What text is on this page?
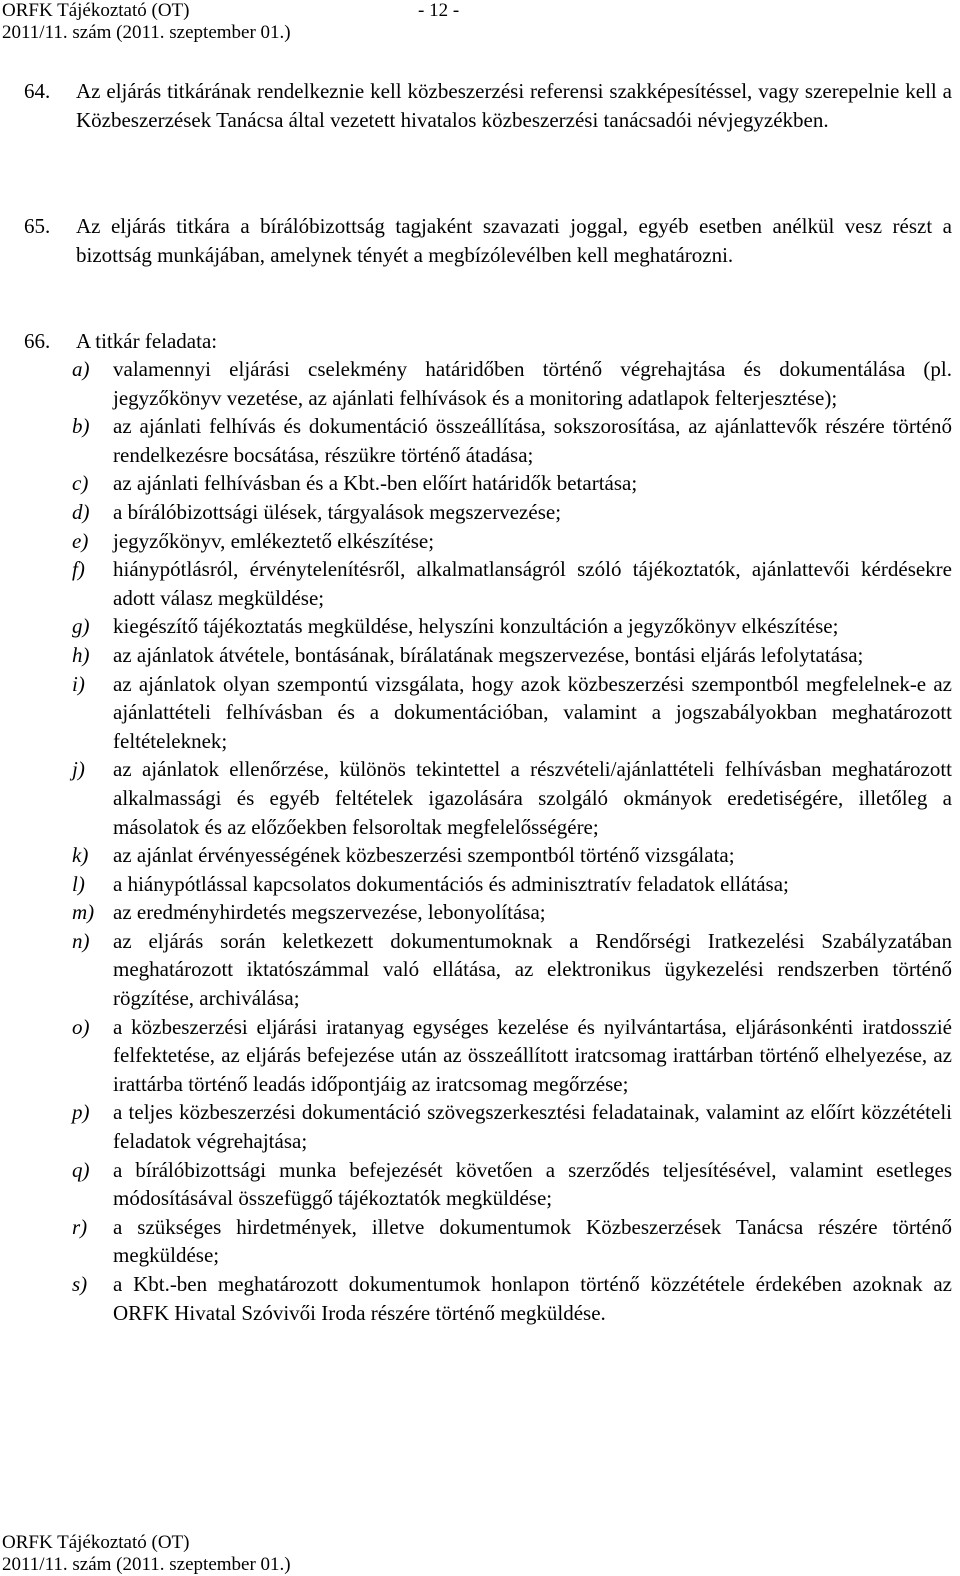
ORFK Tájékoztató (OT)	- 12 -
2011/11. szám (2011. szeptember 01.)
64. Az eljárás titkárának rendelkeznie kell közbeszerzési referensi szakképesítéssel, vagy szerepelnie kell a Közbeszerzések Tanácsa által vezetett hivatalos közbeszerzési tanácsadói névjegyzékben.
65. Az eljárás titkára a bírálóbizottság tagjaként szavazati joggal, egyéb esetben anélkül vesz részt a bizottság munkájában, amelynek tényét a megbízólevélben kell meghatározni.
66. A titkár feladata:
a) valamennyi eljárási cselekmény határidőben történő végrehajtása és dokumentálása (pl. jegyzőkönyv vezetése, az ajánlati felhívások és a monitoring adatlapok felterjesztése);
b) az ajánlati felhívás és dokumentáció összeállítása, sokszorosítása, az ajánlattevők részére történő rendelkezésre bocsátása, részükre történő átadása;
c) az ajánlati felhívásban és a Kbt.-ben előírt határidők betartása;
d) a bírálóbizottsági ülések, tárgyalások megszervezése;
e) jegyzőkönyv, emlékeztető elkészítése;
f) hiánypótlásról, érvénytelenítésről, alkalmatlanságról szóló tájékoztatók, ajánlattevői kérdésekre adott válasz megküldése;
g) kiegészítő tájékoztatás megküldése, helyszíni konzultáción a jegyzőkönyv elkészítése;
h) az ajánlatok átvétele, bontásának, bírálatának megszervezése, bontási eljárás lefolytatása;
i) az ajánlatok olyan szempontú vizsgálata, hogy azok közbeszerzési szempontból megfelelnek-e az ajánlattételi felhívásban és a dokumentációban, valamint a jogszabályokban meghatározott feltételeknek;
j) az ajánlatok ellenőrzése, különös tekintettel a részvételi/ajánlattételi felhívásban meghatározott alkalmassági és egyéb feltételek igazolására szolgáló okmányok eredetiségére, illetőleg a másolatok és az előzőekben felsoroltak megfelelősségére;
k) az ajánlat érvényességének közbeszerzési szempontból történő vizsgálata;
l) a hiánypótlással kapcsolatos dokumentációs és adminisztratív feladatok ellátása;
m) az eredményhirdetés megszervezése, lebonyolítása;
n) az eljárás során keletkezett dokumentumoknak a Rendőrségi Iratkezelési Szabályzatában meghatározott iktatószámmal való ellátása, az elektronikus ügykezelési rendszerben történő rögzítése, archiválása;
o) a közbeszerzési eljárási iratanyag egységes kezelése és nyilvántartása, eljárásonkénti iratdosszié felfektetése, az eljárás befejezése után az összeállított iratcsomag irattárban történő elhelyezése, az irattárba történő leadás időpontjáig az iratcsomag megőrzése;
p) a teljes közbeszerzési dokumentáció szövegszerkesztési feladatainak, valamint az előírt közzétételi feladatok végrehajtása;
q) a bírálóbizottsági munka befejezését követően a szerződés teljesítésével, valamint esetleges módosításával összefüggő tájékoztatók megküldése;
r) a szükséges hirdetmények, illetve dokumentumok Közbeszerzések Tanácsa részére történő megküldése;
s) a Kbt.-ben meghatározott dokumentumok honlapon történő közzététele érdekében azoknak az ORFK Hivatal Szóvivői Iroda részére történő megküldése.
ORFK Tájékoztató (OT)
2011/11. szám (2011. szeptember 01.)
